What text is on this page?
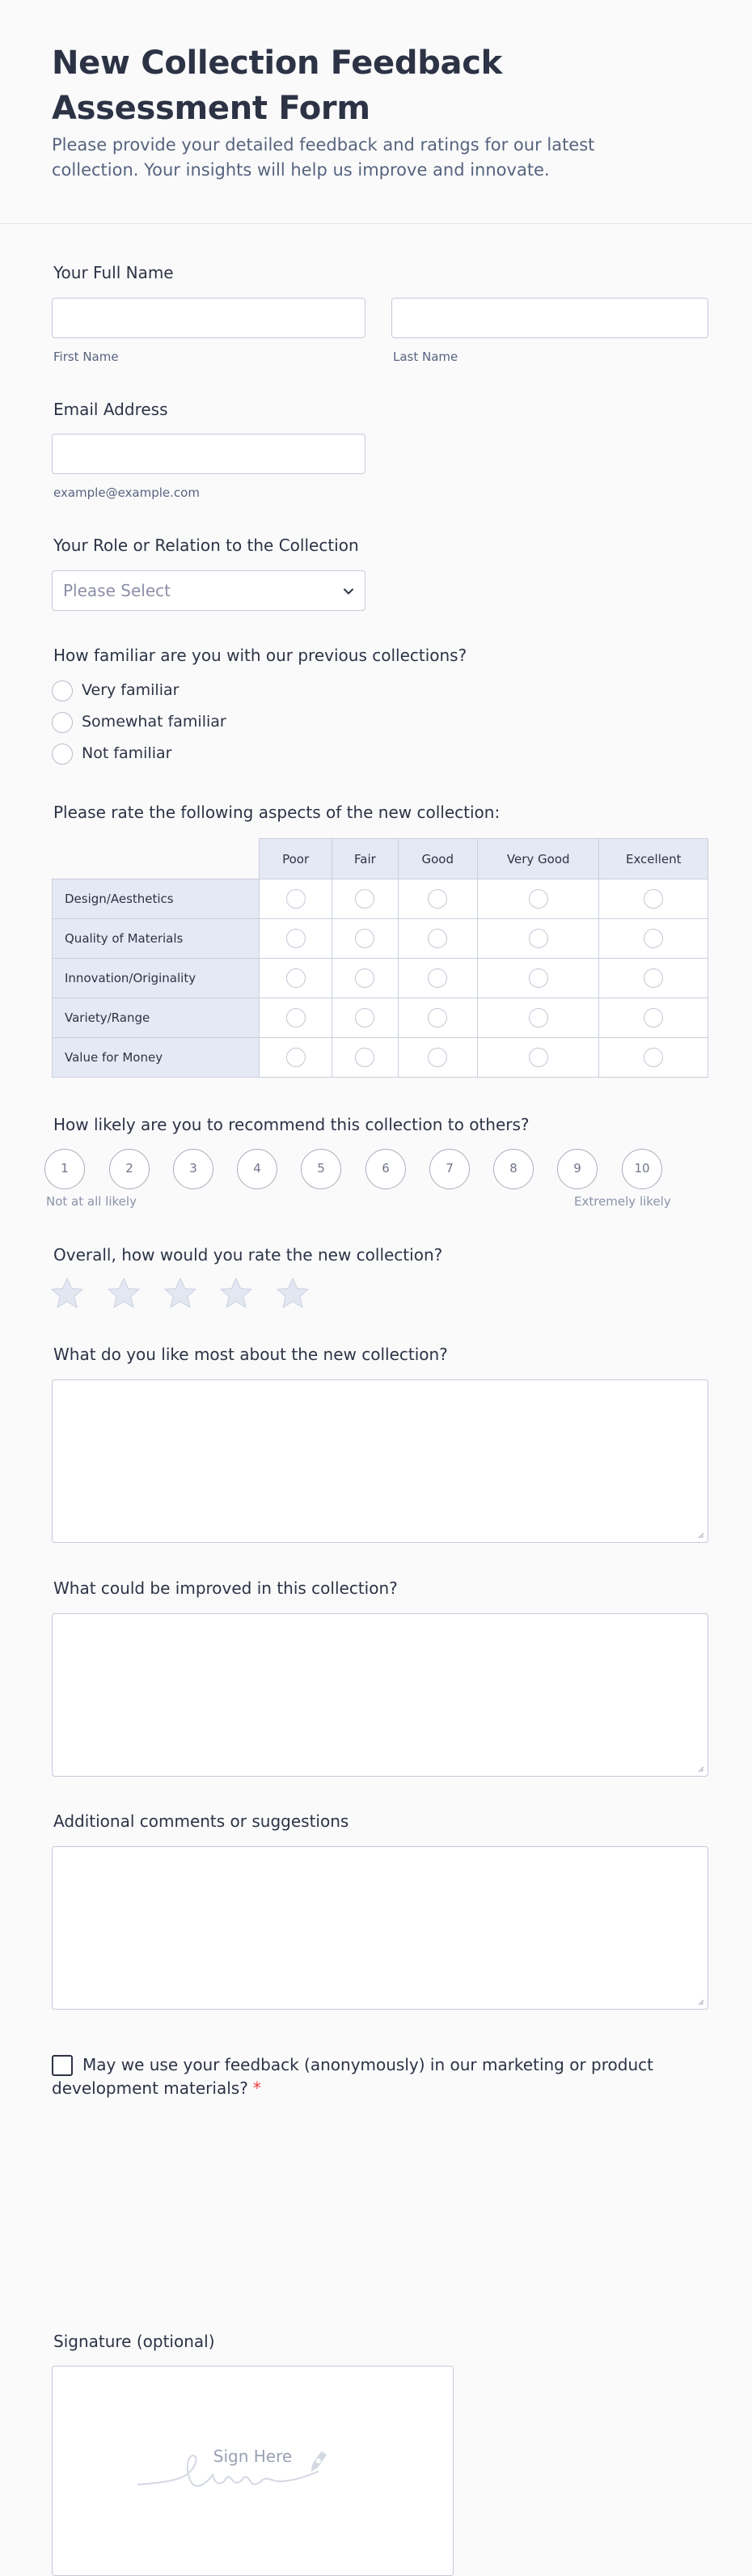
New Collection Feedback Assessment Form
Please provide your detailed feedback and ratings for our latest collection. Your insights will help us improve and innovate.
Your Full Name
First Name	Last Name
Email Address
example@example.com
Your Role or Relation to the Collection
Please Select
How familiar are you with our previous collections?
Very familiar
Somewhat familiar
Not familiar
Please rate the following aspects of the new collection:
	Poor	Fair	Good	Very Good	Excellent
Design/Aesthetics					
Quality of Materials					
Innovation/Originality					
Variety/Range					
Value for Money					
How likely are you to recommend this collection to others?
1	2	3	4	5	6	7	8	9	10
Not at all likely	Extremely likely
Overall, how would you rate the new collection?
What do you like most about the new collection?
What could be improved in this collection?
Additional comments or suggestions
May we use your feedback (anonymously) in our marketing or product development materials? *
Signature (optional)
Sign Here
